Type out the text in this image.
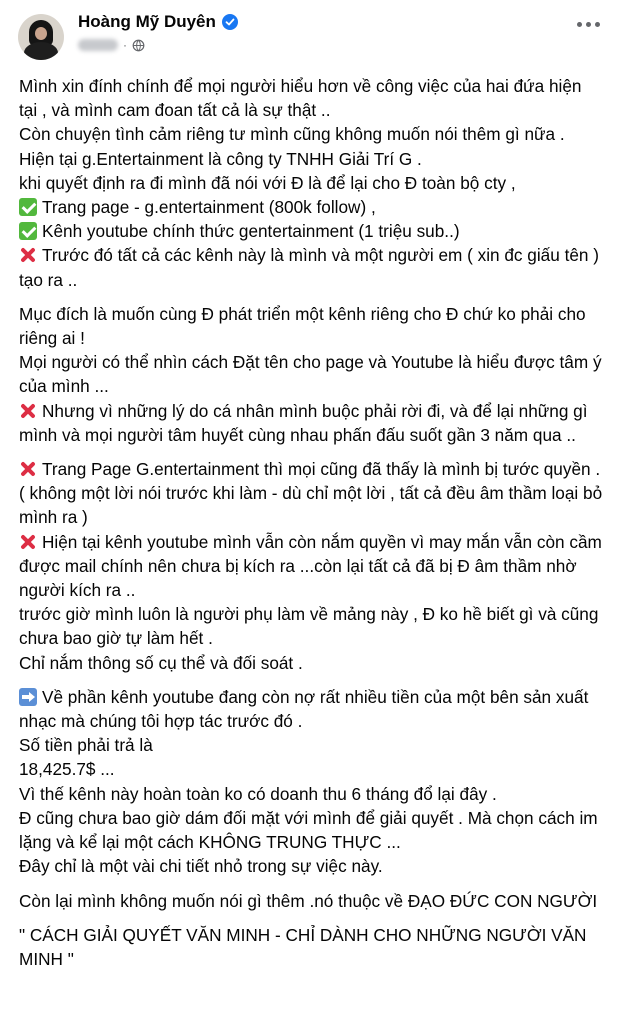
Hoàng Mỹ Duyên
·

Mình xin đính chính để mọi người hiểu hơn về công việc của hai đứa hiện tại , và mình cam đoan tất cả là sự thật ..

Còn chuyện tình cảm riêng tư mình cũng không muốn nói thêm gì nữa .

Hiện tại g.Entertainment là công ty TNHH Giải Trí G .

khi quyết định ra đi mình đã nói với Đ là để lại cho Đ toàn bộ cty ,

Trang page - g.entertainment (800k follow) ,

Kênh youtube chính thức gentertainment (1 triệu sub..)

Trước đó tất cả các kênh này là mình và một người em ( xin đc giấu tên ) tạo ra ..

Mục đích là muốn cùng Đ phát triển một kênh riêng cho Đ chứ ko phải cho riêng ai !

Mọi người có thể nhìn cách Đặt tên cho page và Youtube là hiểu được tâm ý của mình ...

Nhưng vì những lý do cá nhân mình buộc phải rời đi, và để lại những gì mình và mọi người tâm huyết cùng nhau phấn đấu suốt gần 3 năm qua ..

Trang Page G.entertainment thì mọi cũng đã thấy là mình bị tước quyền . ( không một lời nói trước khi làm - dù chỉ một lời , tất cả đều âm thầm loại bỏ mình ra )

Hiện tại kênh youtube mình vẫn còn nắm quyền vì may mắn vẫn còn cầm được mail chính nên chưa bị kích ra ...còn lại tất cả đã bị Đ âm thầm nhờ người kích ra ..

trước giờ mình luôn là người phụ làm về mảng này , Đ ko hề biết gì và cũng chưa bao giờ tự làm hết .

Chỉ nắm thông số cụ thể và đối soát .

Về phần kênh youtube đang còn nợ rất nhiều tiền của một bên sản xuất nhạc mà chúng tôi hợp tác trước đó .

Số tiền phải trả là

18,425.7$ ...

Vì thế kênh này hoàn toàn ko có doanh thu 6 tháng đổ lại đây .

Đ cũng chưa bao giờ dám đối mặt với mình để giải quyết . Mà chọn cách im lặng và kể lại một cách KHÔNG TRUNG THỰC ...

Đây chỉ là một vài chi tiết nhỏ trong sự việc này.

Còn lại mình không muốn nói gì thêm .nó thuộc về ĐẠO ĐỨC CON NGƯỜI

" CÁCH GIẢI QUYẾT VĂN MINH - CHỈ DÀNH CHO NHỮNG NGƯỜI VĂN MINH "
